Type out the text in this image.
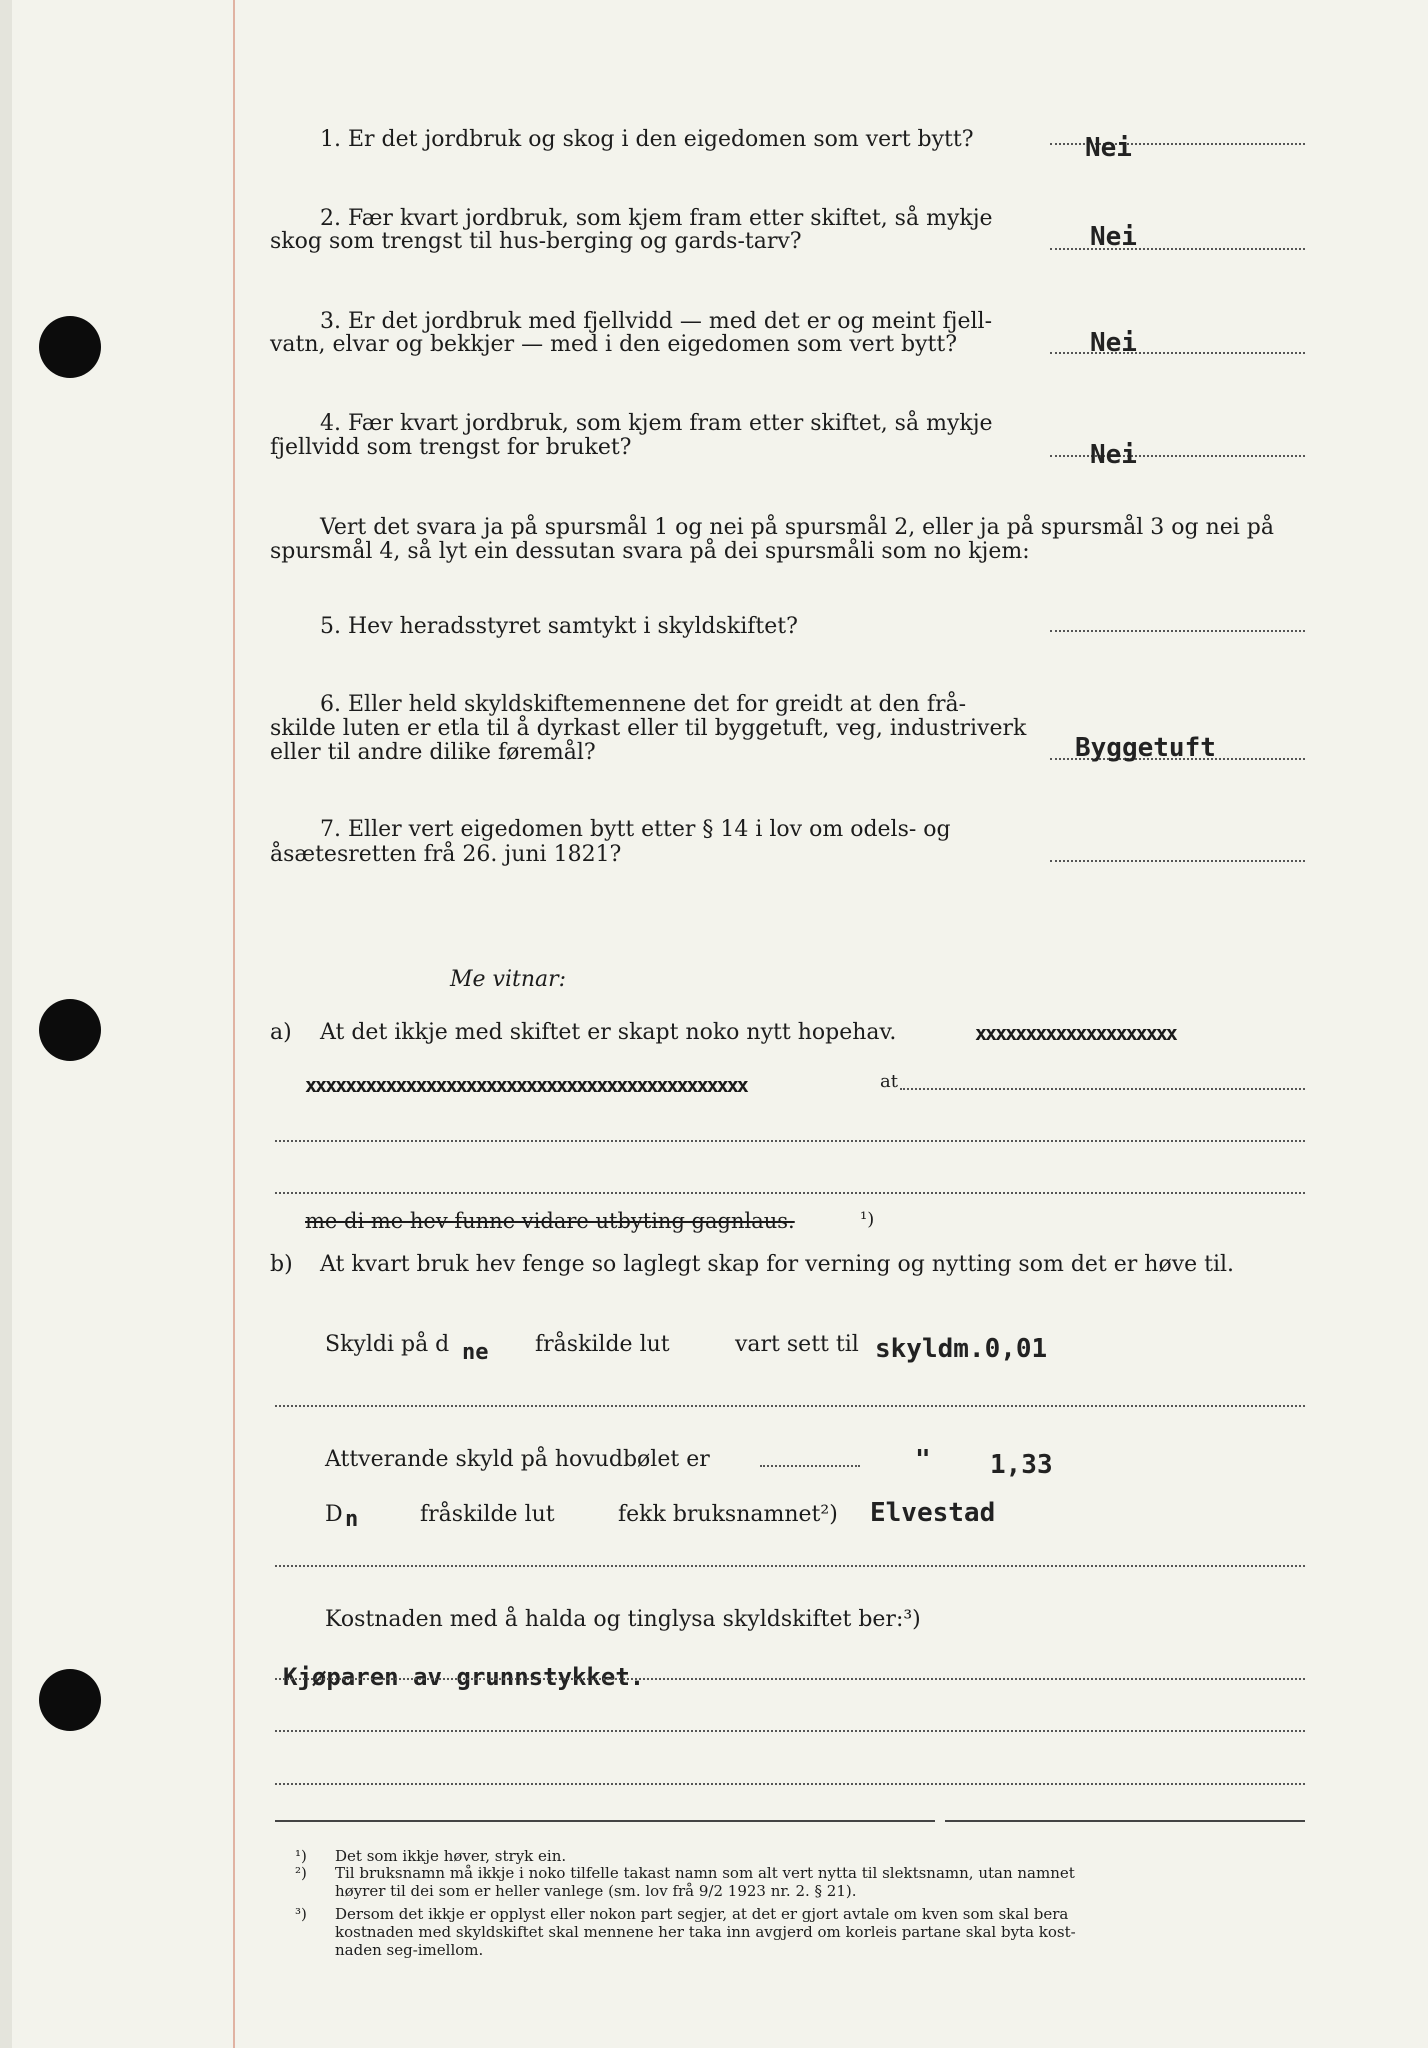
1. Er det jordbruk og skog i den eigedomen som vert bytt?	Nei
2. Fær kvart jordbruk, som kjem fram etter skiftet, så mykje
skog som trengst til hus-berging og gards-tarv?	Nei
3. Er det jordbruk med fjellvidd — med det er og meint fjell-
vatn, elvar og bekkjer — med i den eigedomen som vert bytt?	Nei
4. Fær kvart jordbruk, som kjem fram etter skiftet, så mykje
fjellvidd som trengst for bruket?	Nei
Vert det svara ja på spursmål 1 og nei på spursmål 2, eller ja på spursmål 3 og nei på
spursmål 4, så lyt ein dessutan svara på dei spursmåli som no kjem:
5. Hev heradsstyret samtykt i skyldskiftet?
6. Eller held skyldskiftemennene det for greidt at den frå-
skilde luten er etla til å dyrkast eller til byggetuft, veg, industriverk
eller til andre dilike føremål?	Byggetuft
7. Eller vert eigedomen bytt etter § 14 i lov om odels- og
åsætesretten frå 26. juni 1821?
Me vitnar:
a) At det ikkje med skiftet er skapt noko nytt hopehav.	xxxxxxxxxxxxxxxxxxxx
xxxxxxxxxxxxxxxxxxxxxxxxxxxxxxxxxxxxxxxxxxxx	at
me di me hev funne vidare utbyting gagnlaus.	¹)
b) At kvart bruk hev fenge so laglegt skap for verning og nytting som det er høve til.
Skyldi på d ne fråskilde lut	vart sett til skyldm.0,01
Attverande skyld på hovudbølet er	" 1,33
D n	fråskilde lut	fekk bruksnamnet²) Elvestad
Kostnaden med å halda og tinglysa skyldskiftet ber:³)
Kjøparen av grunnstykket.
¹) Det som ikkje høver, stryk ein.
²) Til bruksnamn må ikkje i noko tilfelle takast namn som alt vert nytta til slektsnamn, utan namnet
høyrer til dei som er heller vanlege (sm. lov frå 9/2 1923 nr. 2. § 21).
³) Dersom det ikkje er opplyst eller nokon part segjer, at det er gjort avtale om kven som skal bera
kostnaden med skyldskiftet skal mennene her taka inn avgjerd om korleis partane skal byta kost-
naden seg-imellom.
